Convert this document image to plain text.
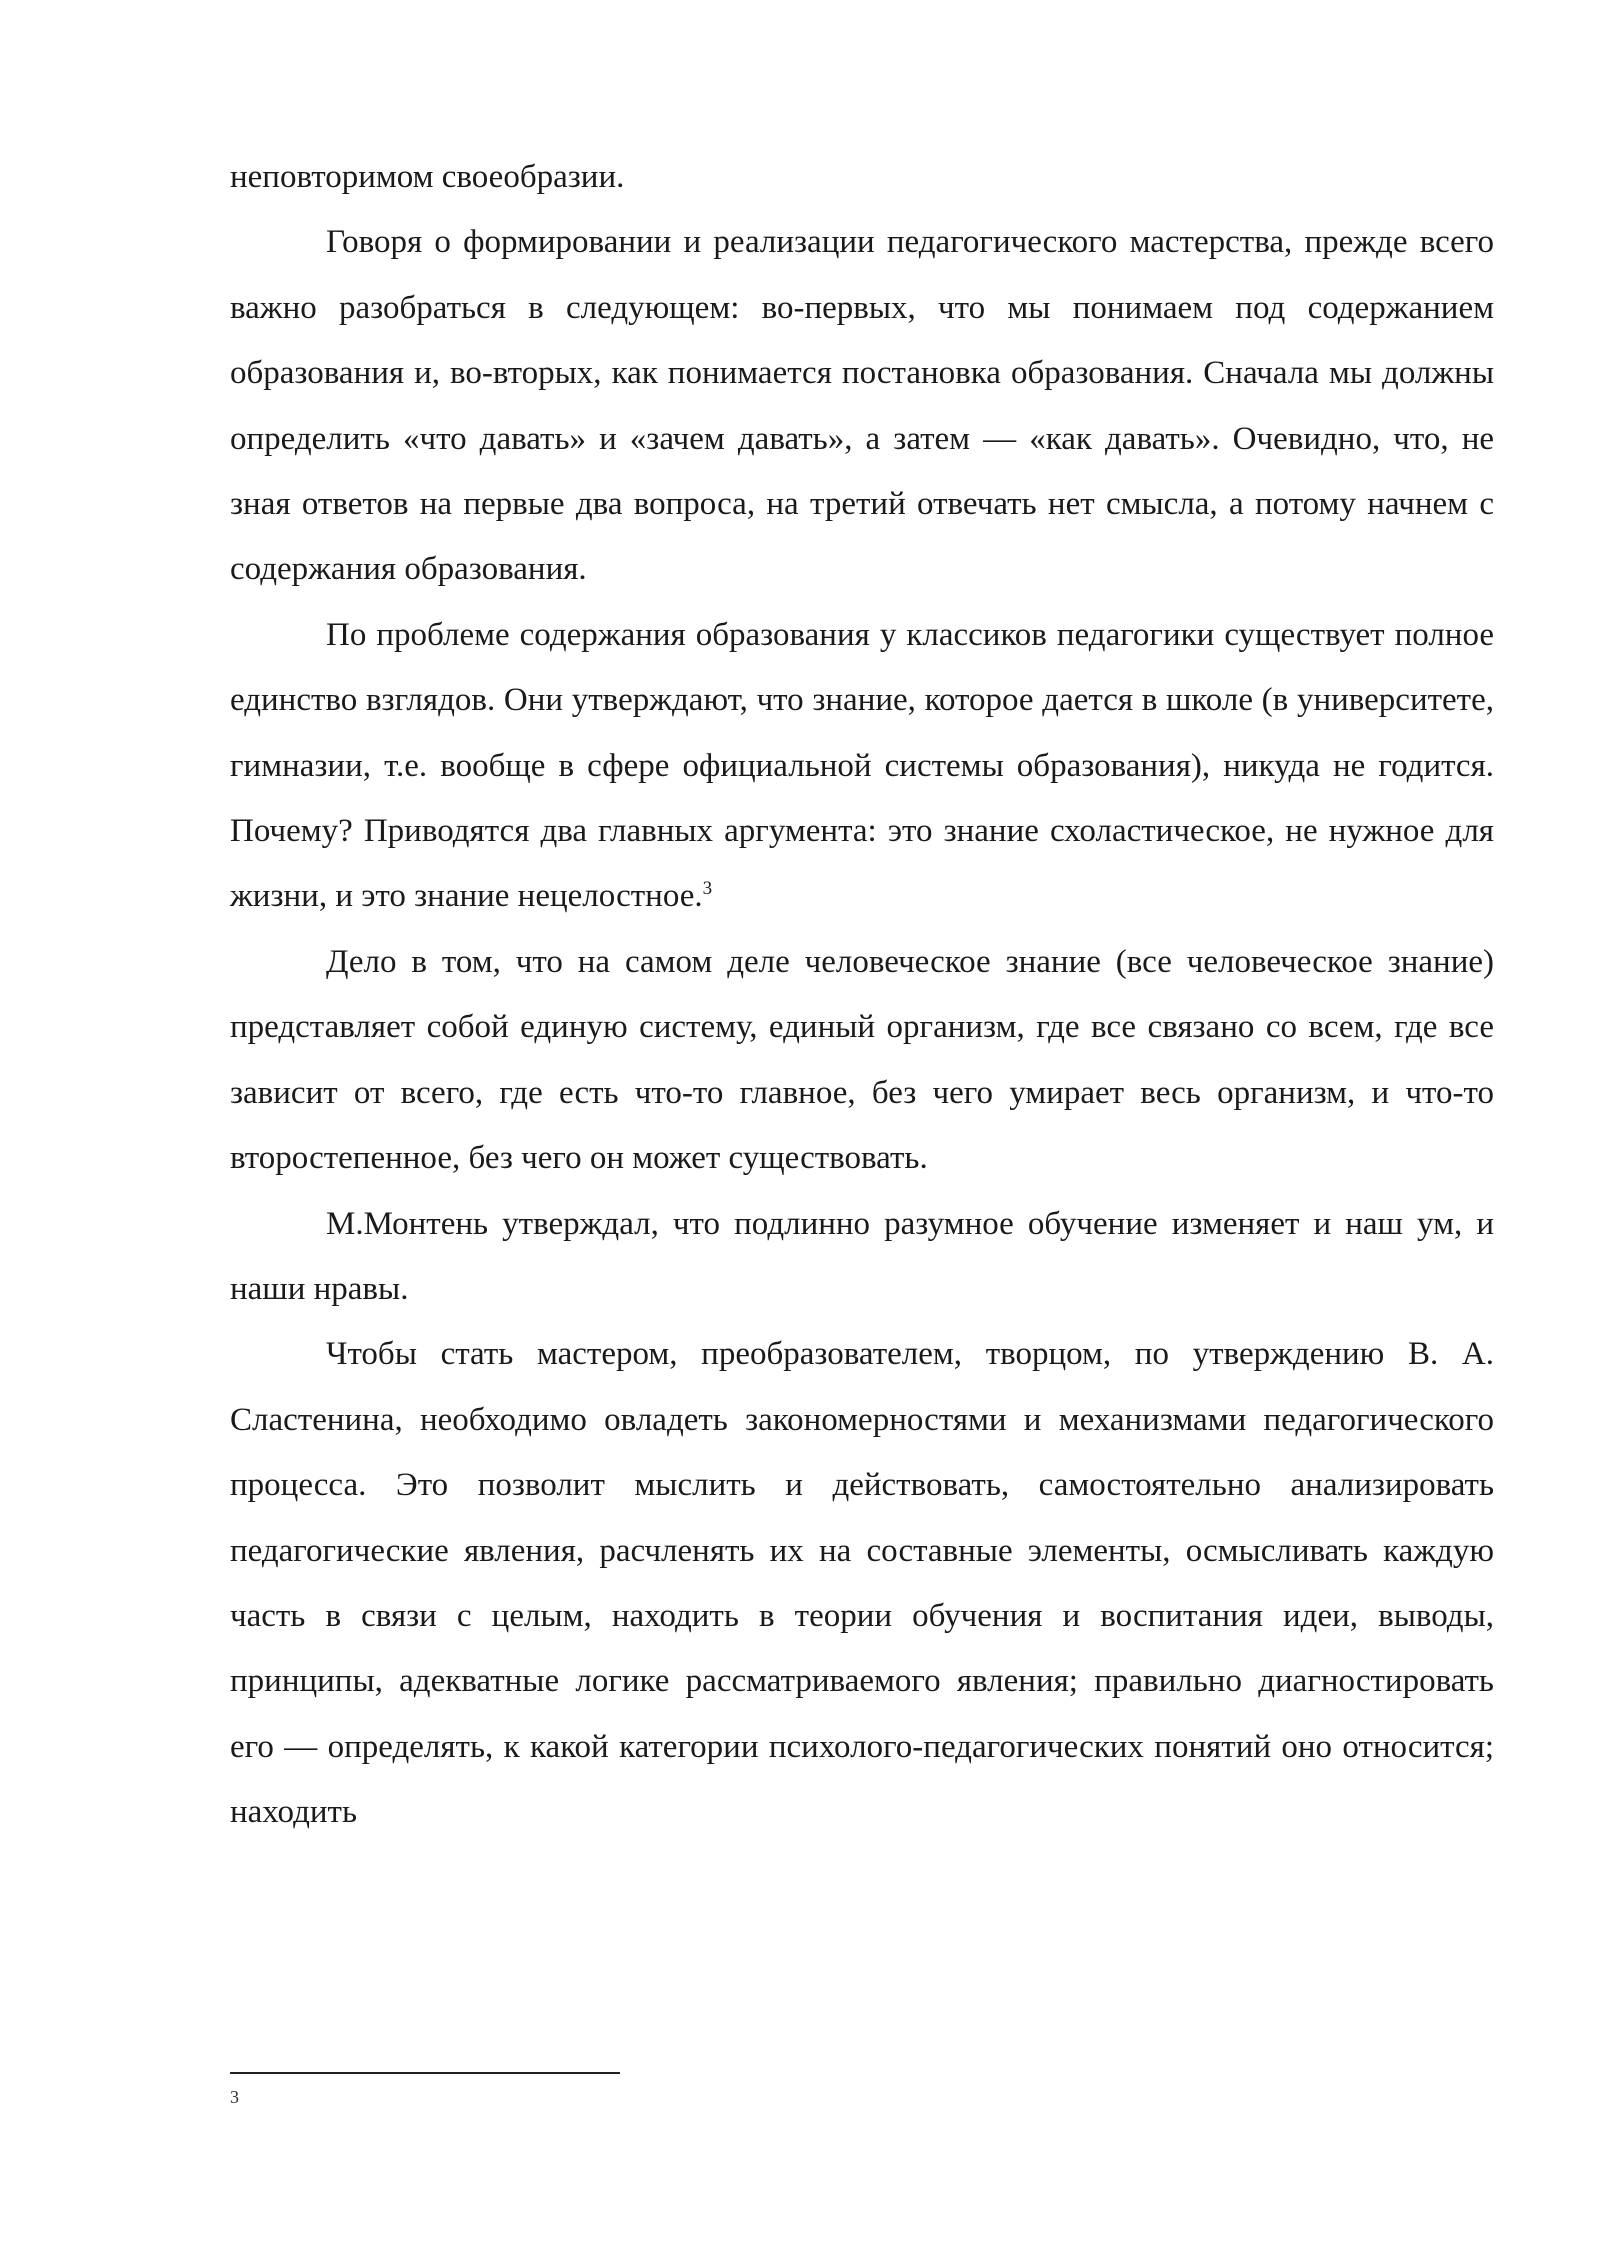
неповторимом своеобразии.

Говоря о формировании и реализации педагогического мастерства, прежде всего важно разобраться в следующем: во-первых, что мы понимаем под содержанием образования и, во-вторых, как понимается постановка образования. Сначала мы должны определить «что давать» и «зачем давать», а затем — «как давать». Очевидно, что, не зная ответов на первые два вопроса, на третий отвечать нет смысла, а потому начнем с содержания образования.

По проблеме содержания образования у классиков педагогики существует полное единство взглядов. Они утверждают, что знание, которое дается в школе (в университете, гимназии, т.е. вообще в сфере официальной системы образования), никуда не годится. Почему? Приводятся два главных аргумента: это знание схоластическое, не нужное для жизни, и это знание нецелостное.$^3$

Дело в том, что на самом деле человеческое знание (все человеческое знание) представляет собой единую систему, единый организм, где все связано со всем, где все зависит от всего, где есть что-то главное, без чего умирает весь организм, и что-то второстепенное, без чего он может существовать.

М.Монтень утверждал, что подлинно разумное обучение изменяет и наш ум, и наши нравы.

Чтобы стать мастером, преобразователем, творцом, по утверждению В. А. Сластенина, необходимо овладеть закономерностями и механизмами педагогического процесса. Это позволит мыслить и действовать, самостоятельно анализировать педагогические явления, расчленять их на составные элементы, осмысливать каждую часть в связи с целым, находить в теории обучения и воспитания идеи, выводы, принципы, адекватные логике рассматриваемого явления; правильно диагностировать его — определять, к какой категории психолого-педагогических понятий оно относится; находить

3
